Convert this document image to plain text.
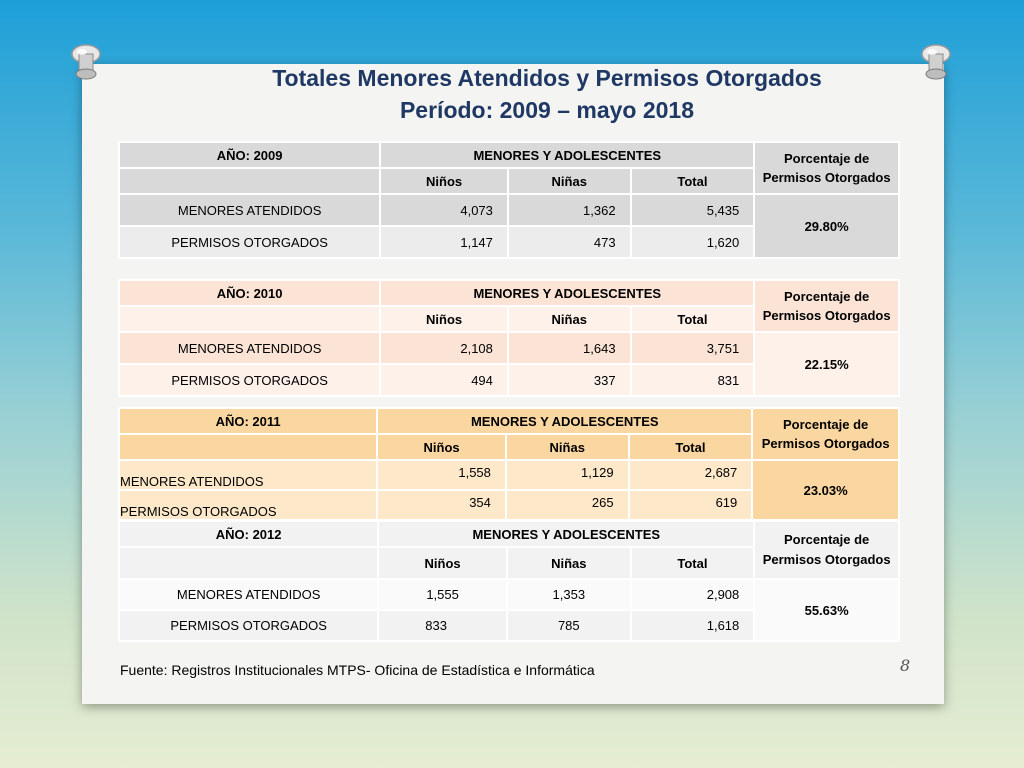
Totales Menores Atendidos y Permisos Otorgados
Período: 2009 – mayo 2018
AÑO: 2009	MENORES Y ADOLESCENTES			Porcentaje de Permisos Otorgados
	Niños	Niñas	Total	
MENORES ATENDIDOS	4,073	1,362	5,435	29.80%
PERMISOS OTORGADOS	1,147	473	1,620	
AÑO: 2010	MENORES Y ADOLESCENTES			Porcentaje de Permisos Otorgados
	Niños	Niñas	Total	
MENORES ATENDIDOS	2,108	1,643	3,751	22.15%
PERMISOS OTORGADOS	494	337	831	
AÑO: 2011	MENORES Y ADOLESCENTES			Porcentaje de Permisos Otorgados
	Niños	Niñas	Total	
MENORES ATENDIDOS	1,558	1,129	2,687	23.03%
PERMISOS OTORGADOS	354	265	619	
AÑO: 2012	MENORES Y ADOLESCENTES			Porcentaje de Permisos Otorgados
	Niños	Niñas	Total	
MENORES ATENDIDOS	1,555	1,353	2,908	55.63%
PERMISOS OTORGADOS	833	785	1,618	
Fuente: Registros Institucionales MTPS- Oficina de Estadística e Informática	8
